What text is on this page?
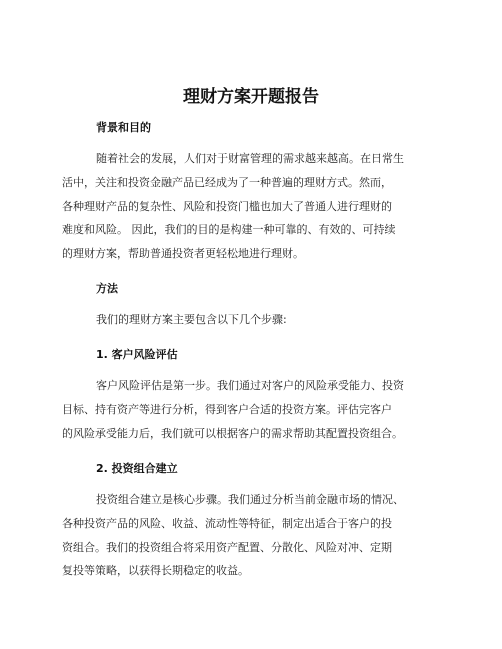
理财方案开题报告
背景和目的
随着社会的发展，人们对于财富管理的需求越来越高。在日常生
活中，关注和投资金融产品已经成为了一种普遍的理财方式。然而，
各种理财产品的复杂性、风险和投资门槛也加大了普通人进行理财的
难度和风险。 因此，我们的目的是构建一种可靠的、有效的、可持续
的理财方案，帮助普通投资者更轻松地进行理财。
方法
我们的理财方案主要包含以下几个步骤:
1. 客户风险评估
客户风险评估是第一步。我们通过对客户的风险承受能力、投资
目标、持有资产等进行分析，得到客户合适的投资方案。评估完客户
的风险承受能力后，我们就可以根据客户的需求帮助其配置投资组合。
2. 投资组合建立
投资组合建立是核心步骤。我们通过分析当前金融市场的情况、
各种投资产品的风险、收益、流动性等特征，制定出适合于客户的投
资组合。我们的投资组合将采用资产配置、分散化、风险对冲、定期
复投等策略，以获得长期稳定的收益。
